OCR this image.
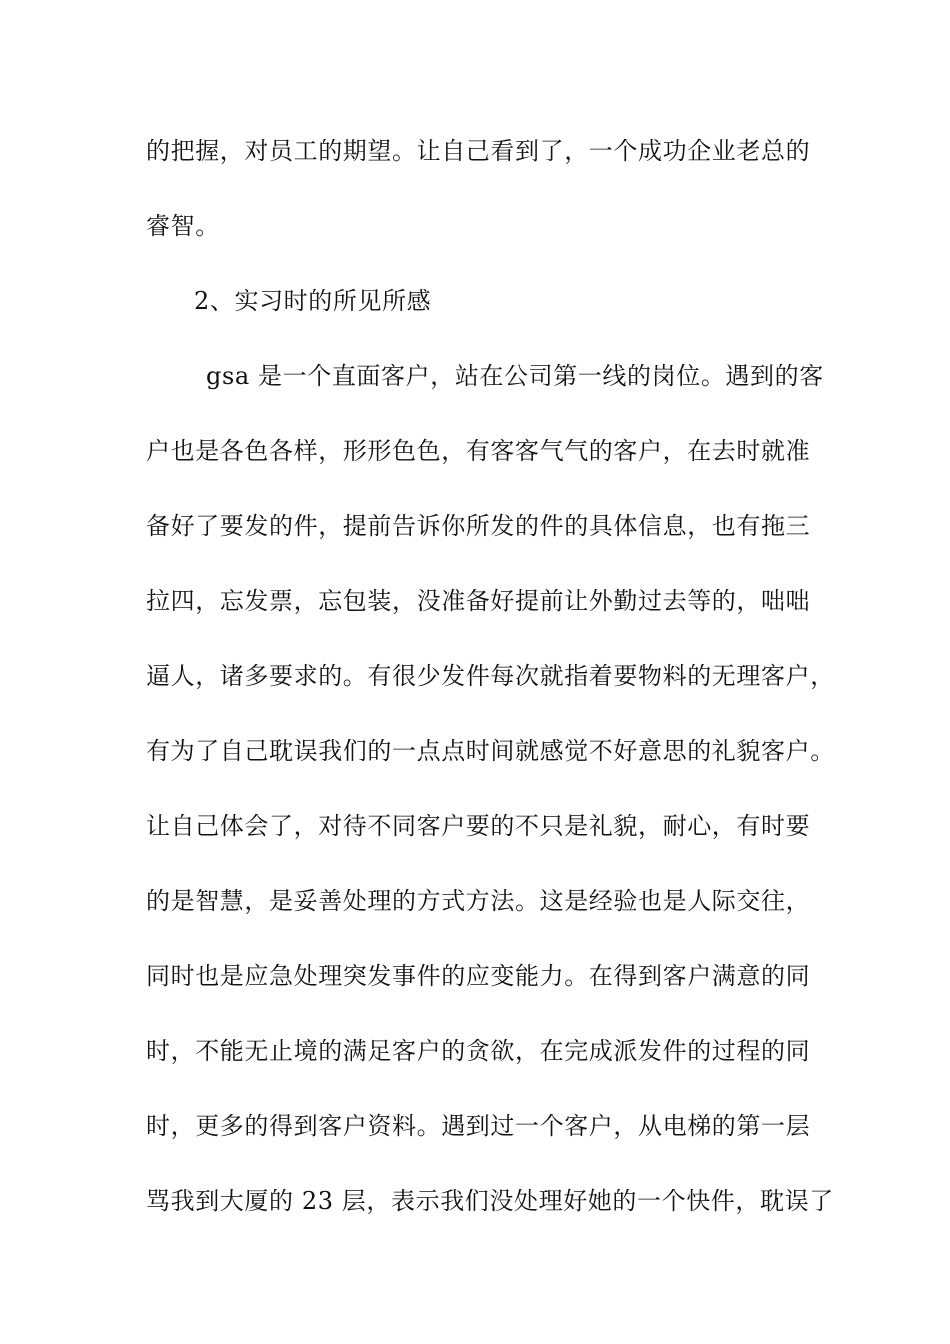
的把握，对员工的期望。让自己看到了，一个成功企业老总的
睿智。
2、实习时的所见所感
gsa 是一个直面客户，站在公司第一线的岗位。遇到的客
户也是各色各样，形形色色，有客客气气的客户，在去时就准
备好了要发的件，提前告诉你所发的件的具体信息，也有拖三
拉四，忘发票，忘包装，没准备好提前让外勤过去等的，咄咄
逼人，诸多要求的。有很少发件每次就指着要物料的无理客户，
有为了自己耽误我们的一点点时间就感觉不好意思的礼貌客户。
让自己体会了，对待不同客户要的不只是礼貌，耐心，有时要
的是智慧，是妥善处理的方式方法。这是经验也是人际交往，
同时也是应急处理突发事件的应变能力。在得到客户满意的同
时，不能无止境的满足客户的贪欲，在完成派发件的过程的同
时，更多的得到客户资料。遇到过一个客户，从电梯的第一层
骂我到大厦的 23 层，表示我们没处理好她的一个快件，耽误了
